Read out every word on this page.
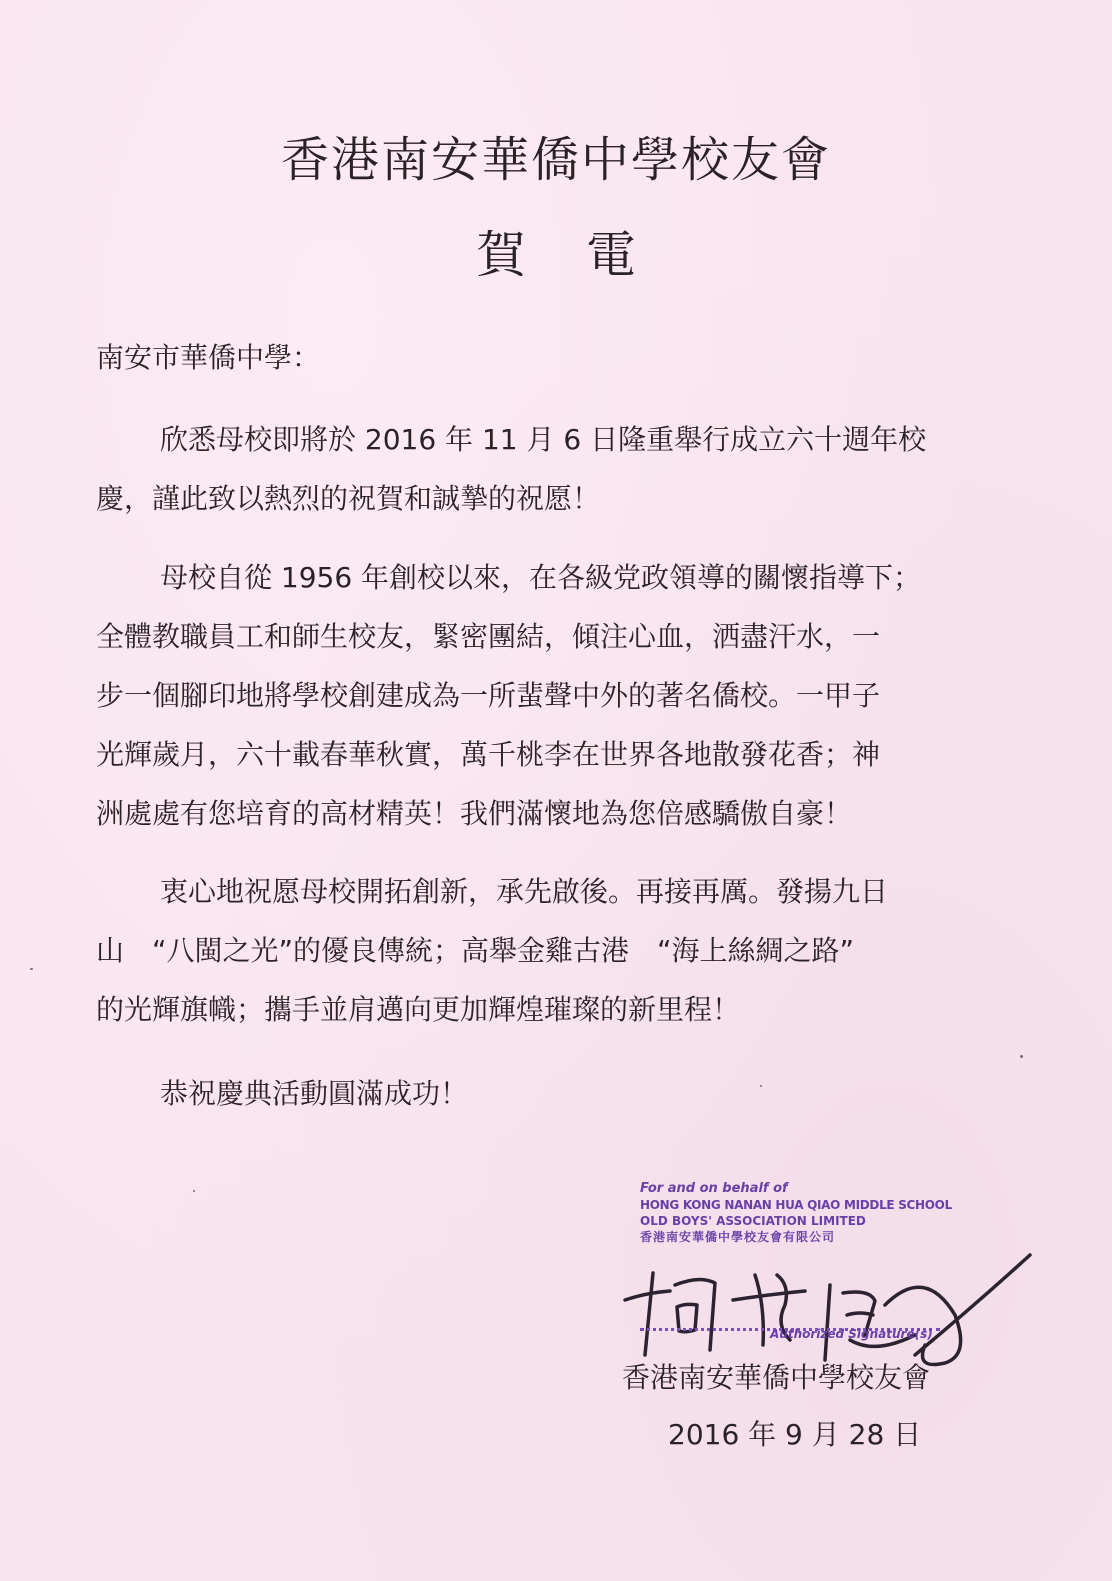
香港南安華僑中學校友會
賀電
南安市華僑中學：
欣悉母校即將於 2016 年 11 月 6 日隆重舉行成立六十週年校
慶，謹此致以熱烈的祝賀和誠摯的祝愿！
母校自從 1956 年創校以來，在各級党政領導的關懷指導下；
全體教職員工和師生校友，緊密團結，傾注心血，洒盡汗水，一
步一個腳印地將學校創建成為一所蜚聲中外的著名僑校。一甲子
光輝歲月，六十載春華秋實，萬千桃李在世界各地散發花香；神
洲處處有您培育的高材精英！我們滿懷地為您倍感驕傲自豪！
衷心地祝愿母校開拓創新，承先啟後。再接再厲。發揚九日
山　“八閩之光”的優良傳統；高舉金雞古港　“海上絲綢之路”
的光輝旗幟；攜手並肩邁向更加輝煌璀璨的新里程！
恭祝慶典活動圓滿成功！
For and on behalf of
HONG KONG NANAN HUA QIAO MIDDLE SCHOOL
OLD BOYS' ASSOCIATION LIMITED
香港南安華僑中學校友會有限公司
Authorized Signature(s)
香港南安華僑中學校友會
2016 年 9 月 28 日
